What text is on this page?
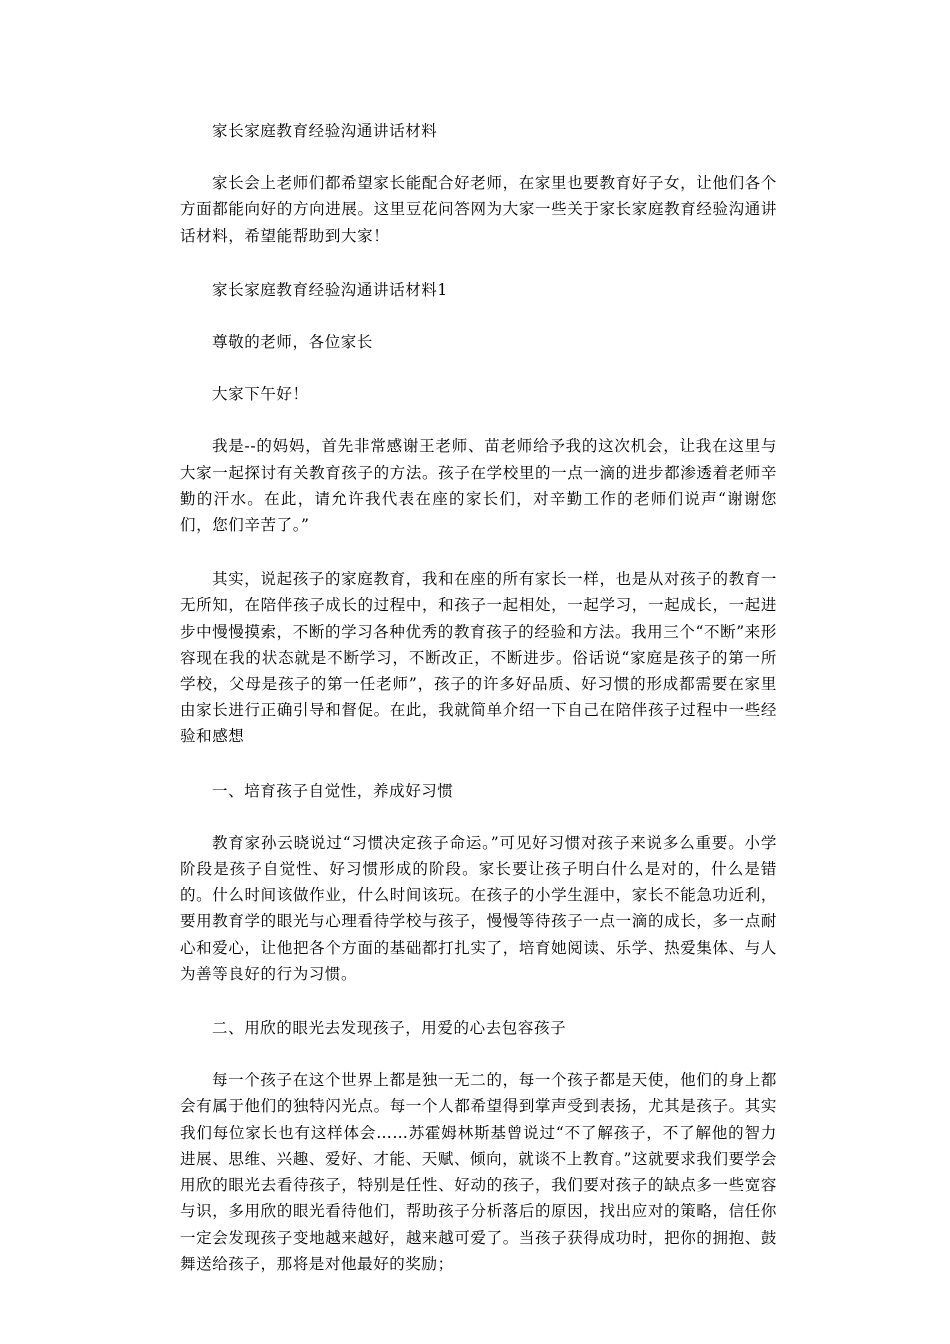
家长家庭教育经验沟通讲话材料

家长会上老师们都希望家长能配合好老师，在家里也要教育好子女，让他们各个方面都能向好的方向进展。这里豆花问答网为大家一些关于家长家庭教育经验沟通讲话材料，希望能帮助到大家！

家长家庭教育经验沟通讲话材料1

尊敬的老师，各位家长

大家下午好！

我是--的妈妈，首先非常感谢王老师、苗老师给予我的这次机会，让我在这里与大家一起探讨有关教育孩子的方法。孩子在学校里的一点一滴的进步都渗透着老师辛勤的汗水。在此，请允许我代表在座的家长们，对辛勤工作的老师们说声“谢谢您们，您们辛苦了。”

其实，说起孩子的家庭教育，我和在座的所有家长一样，也是从对孩子的教育一无所知，在陪伴孩子成长的过程中，和孩子一起相处，一起学习，一起成长，一起进步中慢慢摸索，不断的学习各种优秀的教育孩子的经验和方法。我用三个“不断”来形容现在我的状态就是不断学习，不断改正，不断进步。俗话说“家庭是孩子的第一所学校，父母是孩子的第一任老师”，孩子的许多好品质、好习惯的形成都需要在家里由家长进行正确引导和督促。在此，我就简单介绍一下自己在陪伴孩子过程中一些经验和感想

一、培育孩子自觉性，养成好习惯

教育家孙云晓说过“习惯决定孩子命运。”可见好习惯对孩子来说多么重要。小学阶段是孩子自觉性、好习惯形成的阶段。家长要让孩子明白什么是对的，什么是错的。什么时间该做作业，什么时间该玩。在孩子的小学生涯中，家长不能急功近利，要用教育学的眼光与心理看待学校与孩子，慢慢等待孩子一点一滴的成长，多一点耐心和爱心，让他把各个方面的基础都打扎实了，培育她阅读、乐学、热爱集体、与人为善等良好的行为习惯。

二、用欣的眼光去发现孩子，用爱的心去包容孩子

每一个孩子在这个世界上都是独一无二的，每一个孩子都是天使，他们的身上都会有属于他们的独特闪光点。每一个人都希望得到掌声受到表扬，尤其是孩子。其实我们每位家长也有这样体会……苏霍姆林斯基曾说过“不了解孩子，不了解他的智力进展、思维、兴趣、爱好、才能、天赋、倾向，就谈不上教育。”这就要求我们要学会用欣的眼光去看待孩子，特别是任性、好动的孩子，我们要对孩子的缺点多一些宽容与识，多用欣的眼光看待他们，帮助孩子分析落后的原因，找出应对的策略，信任你一定会发现孩子变地越来越好，越来越可爱了。当孩子获得成功时，把你的拥抱、鼓舞送给孩子，那将是对他最好的奖励；
